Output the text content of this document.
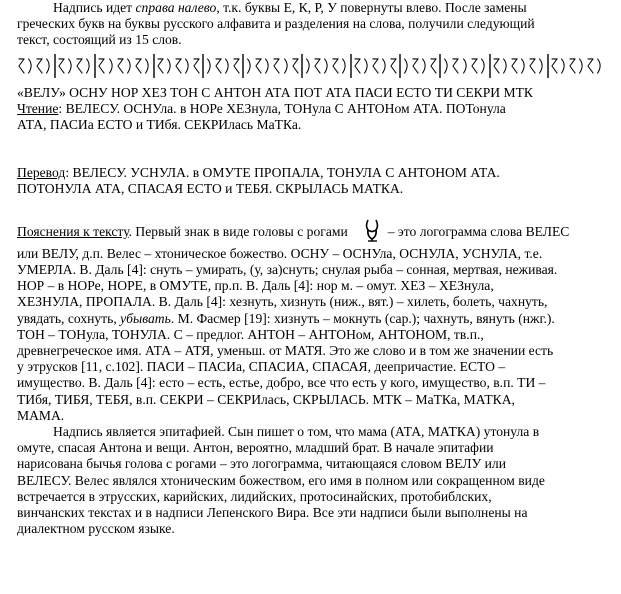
Надпись идет справа налево, т.к. буквы Е, К, Р, У повернуты влево. После замены

греческих букв на буквы русского алфавита и разделения на слова, получили следующий

текст, состоящий из 15 слов.

«ВЕЛУ» ОСНУ НОР ХЕЗ ТОН С АНТОН АТА ПОТ АТА ПАСИ ЕСТО ТИ СЕКРИ МТК

Чтение: ВЕЛЕСУ. ОСНУла. в НОРе ХЕЗнула, ТОНула С АНТОНом АТА. ПОТонула

АТА, ПАСИа ЕСТО и ТИбя. СЕКРИлась МаТКа.

Перевод: ВЕЛЕСУ. УСНУЛА. в ОМУТЕ ПРОПАЛА, ТОНУЛА С АНТОНОМ АТА.

ПОТОНУЛА АТА, СПАСАЯ ЕСТО и ТЕБЯ. СКРЫЛАСЬ МАТКА.

Пояснения к тексту. Первый знак в виде головы с рогами	– это логограмма слова ВЕЛЕС

или ВЕЛУ, д.п. Велес – хтоническое божество. ОСНУ – ОСНУла, ОСНУЛА, УСНУЛА, т.е.

УМЕРЛА. В. Даль [4]: снуть – умирать, (у, за)снуть; снулая рыба – сонная, мертвая, неживая.

НОР – в НОРе, НОРЕ, в ОМУТЕ, пр.п. В. Даль [4]: нор м. – омут. ХЕЗ – ХЕЗнула,

ХЕЗНУЛА, ПРОПАЛА. В. Даль [4]: хезнуть, хизнуть (ниж., вят.) – хилеть, болеть, чахнуть,

увядать, сохнуть, убывать. М. Фасмер [19]: хизнуть – мокнуть (сар.); чахнуть, вянуть (нжг.).

ТОН – ТОНула, ТОНУЛА. С – предлог. АНТОН – АНТОНом, АНТОНОМ, тв.п.,

древнегреческое имя. АТА – АТЯ, уменьш. от МАТЯ. Это же слово и в том же значении есть

у этрусков [11, с.102]. ПАСИ – ПАСИа, СПАСИА, СПАСАЯ, деепричастие. ЕСТО –

имущество. В. Даль [4]: есто – есть, естье, добро, все что есть у кого, имущество, в.п. ТИ –

ТИбя, ТИБЯ, ТЕБЯ, в.п. СЕКРИ – СЕКРИлась, СКРЫЛАСЬ. МТК – МаТКа, МАТКА,

МАМА.

Надпись является эпитафией. Сын пишет о том, что мама (АТА, МАТКА) утонула в

омуте, спасая Антона и вещи. Антон, вероятно, младший брат. В начале эпитафии

нарисована бычья голова с рогами – это логограмма, читающаяся словом ВЕЛУ или

ВЕЛЕСУ. Велес являлся хтоническим божеством, его имя в полном или сокращенном виде

встречается в этрусских, карийских, лидийских, протосинайских, протобиблских,

винчанских текстах и в надписи Лепенского Вира. Все эти надписи были выполнены на

диалектном русском языке.
